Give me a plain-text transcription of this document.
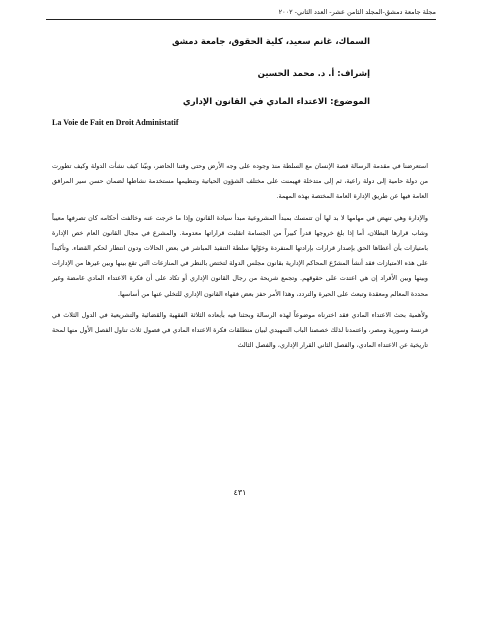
مجلة جامعة دمشق-المجلد الثامن عشر- العدد الثاني- ٢٠٠٢
السماك، غانم سعيد، كلية الحقوق، جامعة دمشق
إشراف: أ. د. محمد الحسين
الموضوع: الاعتداء المادي في القانون الإداري
La Voie de Fait en Droit Administatif

استعرضنا في مقدمة الرسالة قصة الإنسان مع السلطة منذ وجوده على وجه الأرض وحتى وقتنا الحاضر، وبيّنا كيف نشأت الدولة وكيف تطورت من دولة حامية إلى دولة راعية، ثم إلى متدخلة فهيمنت على مختلف الشؤون الحياتية وتنظيمها مستخدمة نشاطها لضمان حسن سير المرافق العامة فيها عن طريق الإدارة العامة المختصة بهذه المهمة.

والإدارة وهي تنهض في مهامها لا بد لها أن تتمسك بمبدأ المشروعية مبدأ سيادة القانون وإذا ما خرجت عنه وخالفت أحكامه كان تصرفها معيباً وشاب قرارها البطلان، أما إذا بلغ خروجها قدراً كبيراً من الجسامة انقلبت قراراتها معدومة. والمشرع في مجال القانون العام خص الإدارة بامتيازات بأن أعطاها الحق بإصدار قرارات بإرادتها المنفردة وخوّلها سلطة التنفيذ المباشر في بعض الحالات ودون انتظار لحكم القضاء. وتأكيداً على هذه الامتيازات فقد أنشأ المشرّع المحاكم الإدارية بقانون مجلس الدولة لتختص بالنظر في المنازعات التي تقع بينها وبين غيرها من الإدارات وبينها وبين الأفراد إن هي اعتدت على حقوقهم. وتجمع شريحة من رجال القانون الإداري أو تكاد على أن فكرة الاعتداء المادي غامضة وغير محددة المعالم ومعقدة وتبعث على الحيرة والتردد، وهذا الأمر حفز بعض فقهاء القانون الإداري للتخلي عنها من أساسها.

ولأهمية بحث الاعتداء المادي فقد اخترناه موضوعاً لهذه الرسالة وبحثنا فيه بأبعاده الثلاثة الفقهية والقضائية والتشريعية في الدول الثلاث في فرنسة وسورية ومصر، واعتمدنا لذلك خصصنا الباب التمهيدي لبيان منطلقات فكرة الاعتداء المادي في فصول ثلاث تناول الفصل الأول منها لمحة تاريخية عن الاعتداء المادي، والفصل الثاني القرار الإداري، والفصل الثالث

٤٣١
